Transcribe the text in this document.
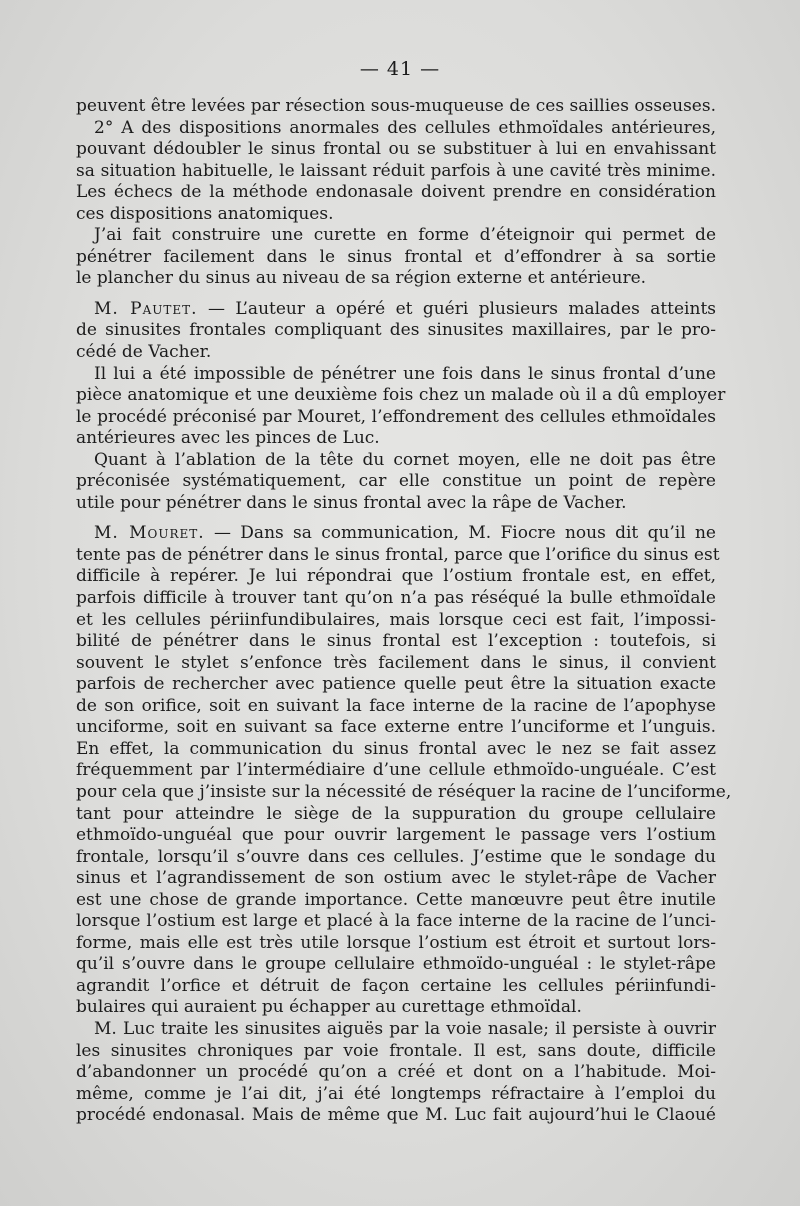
— 41 —
peuvent être levées par résection sous-muqueuse de ces saillies osseuses.
2° A des dispositions anormales des cellules ethmoïdales antérieures,
pouvant dédoubler le sinus frontal ou se substituer à lui en envahissant
sa situation habituelle, le laissant réduit parfois à une cavité très minime.
Les échecs de la méthode endonasale doivent prendre en considération
ces dispositions anatomiques.
J’ai fait construire une curette en forme d’éteignoir qui permet de
pénétrer facilement dans le sinus frontal et d’effondrer à sa sortie
le plancher du sinus au niveau de sa région externe et antérieure.
M. Pautet. — L’auteur a opéré et guéri plusieurs malades atteints
de sinusites frontales compliquant des sinusites maxillaires, par le pro-
cédé de Vacher.
Il lui a été impossible de pénétrer une fois dans le sinus frontal d’une
pièce anatomique et une deuxième fois chez un malade où il a dû employer
le procédé préconisé par Mouret, l’effondrement des cellules ethmoïdales
antérieures avec les pinces de Luc.
Quant à l’ablation de la tête du cornet moyen, elle ne doit pas être
préconisée systématiquement, car elle constitue un point de repère
utile pour pénétrer dans le sinus frontal avec la râpe de Vacher.
M. Mouret. — Dans sa communication, M. Fiocre nous dit qu’il ne
tente pas de pénétrer dans le sinus frontal, parce que l’orifice du sinus est
difficile à repérer. Je lui répondrai que l’ostium frontale est, en effet,
parfois difficile à trouver tant qu’on n’a pas réséqué la bulle ethmoïdale
et les cellules périinfundibulaires, mais lorsque ceci est fait, l’impossi-
bilité de pénétrer dans le sinus frontal est l’exception : toutefois, si
souvent le stylet s’enfonce très facilement dans le sinus, il convient
parfois de rechercher avec patience quelle peut être la situation exacte
de son orifice, soit en suivant la face interne de la racine de l’apophyse
unciforme, soit en suivant sa face externe entre l’unciforme et l’unguis.
En effet, la communication du sinus frontal avec le nez se fait assez
fréquemment par l’intermédiaire d’une cellule ethmoïdo-unguéale. C’est
pour cela que j’insiste sur la nécessité de réséquer la racine de l’unciforme,
tant pour atteindre le siège de la suppuration du groupe cellulaire
ethmoïdo-unguéal que pour ouvrir largement le passage vers l’ostium
frontale, lorsqu’il s’ouvre dans ces cellules. J’estime que le sondage du
sinus et l’agrandissement de son ostium avec le stylet-râpe de Vacher
est une chose de grande importance. Cette manœuvre peut être inutile
lorsque l’ostium est large et placé à la face interne de la racine de l’unci-
forme, mais elle est très utile lorsque l’ostium est étroit et surtout lors-
qu’il s’ouvre dans le groupe cellulaire ethmoïdo-unguéal : le stylet-râpe
agrandit l’orfice et détruit de façon certaine les cellules périinfundi-
bulaires qui auraient pu échapper au curettage ethmoïdal.
M. Luc traite les sinusites aiguës par la voie nasale; il persiste à ouvrir
les sinusites chroniques par voie frontale. Il est, sans doute, difficile
d’abandonner un procédé qu’on a créé et dont on a l’habitude. Moi-
même, comme je l’ai dit, j’ai été longtemps réfractaire à l’emploi du
procédé endonasal. Mais de même que M. Luc fait aujourd’hui le Claoué
